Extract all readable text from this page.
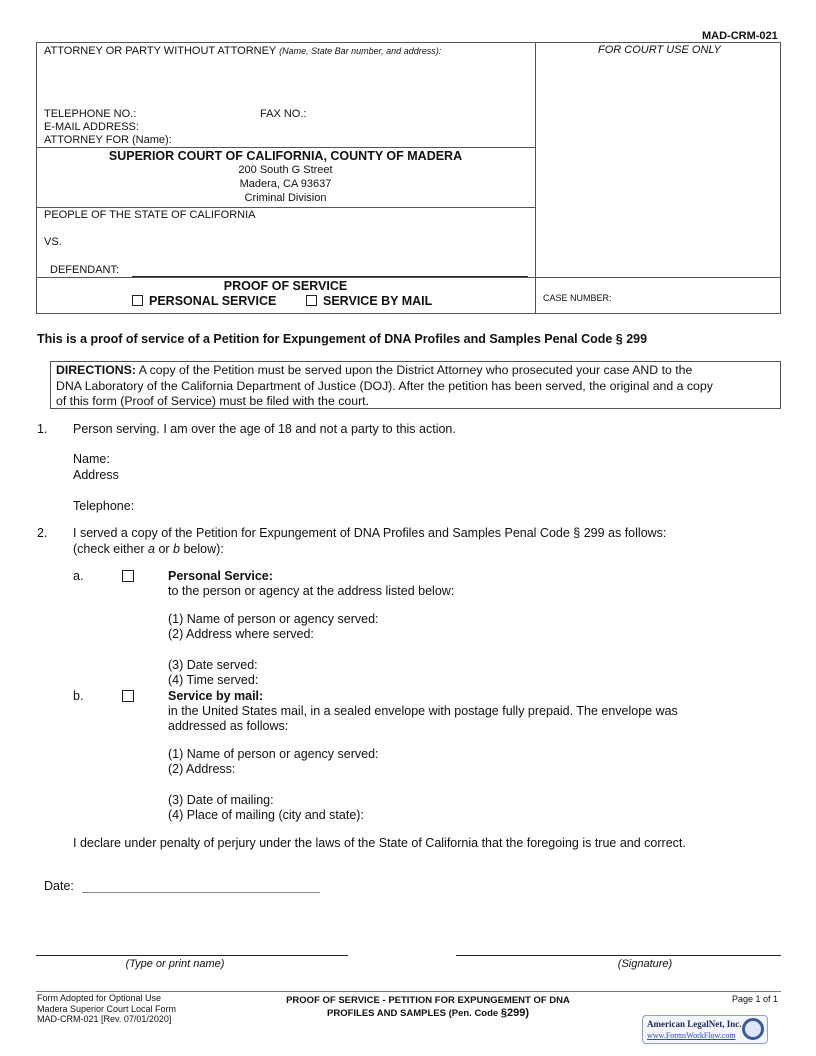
MAD-CRM-021
ATTORNEY OR PARTY WITHOUT ATTORNEY (Name, State Bar number, and address):	FOR COURT USE ONLY
TELEPHONE NO.:	FAX NO.:
E-MAIL ADDRESS:
ATTORNEY FOR (Name):
SUPERIOR COURT OF CALIFORNIA, COUNTY OF MADERA
200 South G Street
Madera, CA 93637
Criminal Division
PEOPLE OF THE STATE OF CALIFORNIA
VS.
DEFENDANT:
PROOF OF SERVICE
PERSONAL SERVICE	SERVICE BY MAIL	CASE NUMBER:
This is a proof of service of a Petition for Expungement of DNA Profiles and Samples Penal Code § 299
DIRECTIONS: A copy of the Petition must be served upon the District Attorney who prosecuted your case AND to the
DNA Laboratory of the California Department of Justice (DOJ). After the petition has been served, the original and a copy
of this form (Proof of Service) must be filed with the court.
1. Person serving. I am over the age of 18 and not a party to this action.
Name:
Address
Telephone:
2. I served a copy of the Petition for Expungement of DNA Profiles and Samples Penal Code § 299 as follows:
(check either a or b below):
a.	Personal Service:
to the person or agency at the address listed below:
(1) Name of person or agency served:
(2) Address where served:
(3) Date served:
(4) Time served:
b.	Service by mail:
in the United States mail, in a sealed envelope with postage fully prepaid. The envelope was
addressed as follows:
(1) Name of person or agency served:
(2) Address:
(3) Date of mailing:
(4) Place of mailing (city and state):
I declare under penalty of perjury under the laws of the State of California that the foregoing is true and correct.
Date:
(Type or print name)	(Signature)
Form Adopted for Optional Use
Madera Superior Court Local Form
MAD-CRM-021 [Rev. 07/01/2020]
PROOF OF SERVICE - PETITION FOR EXPUNGEMENT OF DNA
PROFILES AND SAMPLES (Pen. Code §299)
Page 1 of 1
American LegalNet, Inc.
www.FormsWorkFlow.com
